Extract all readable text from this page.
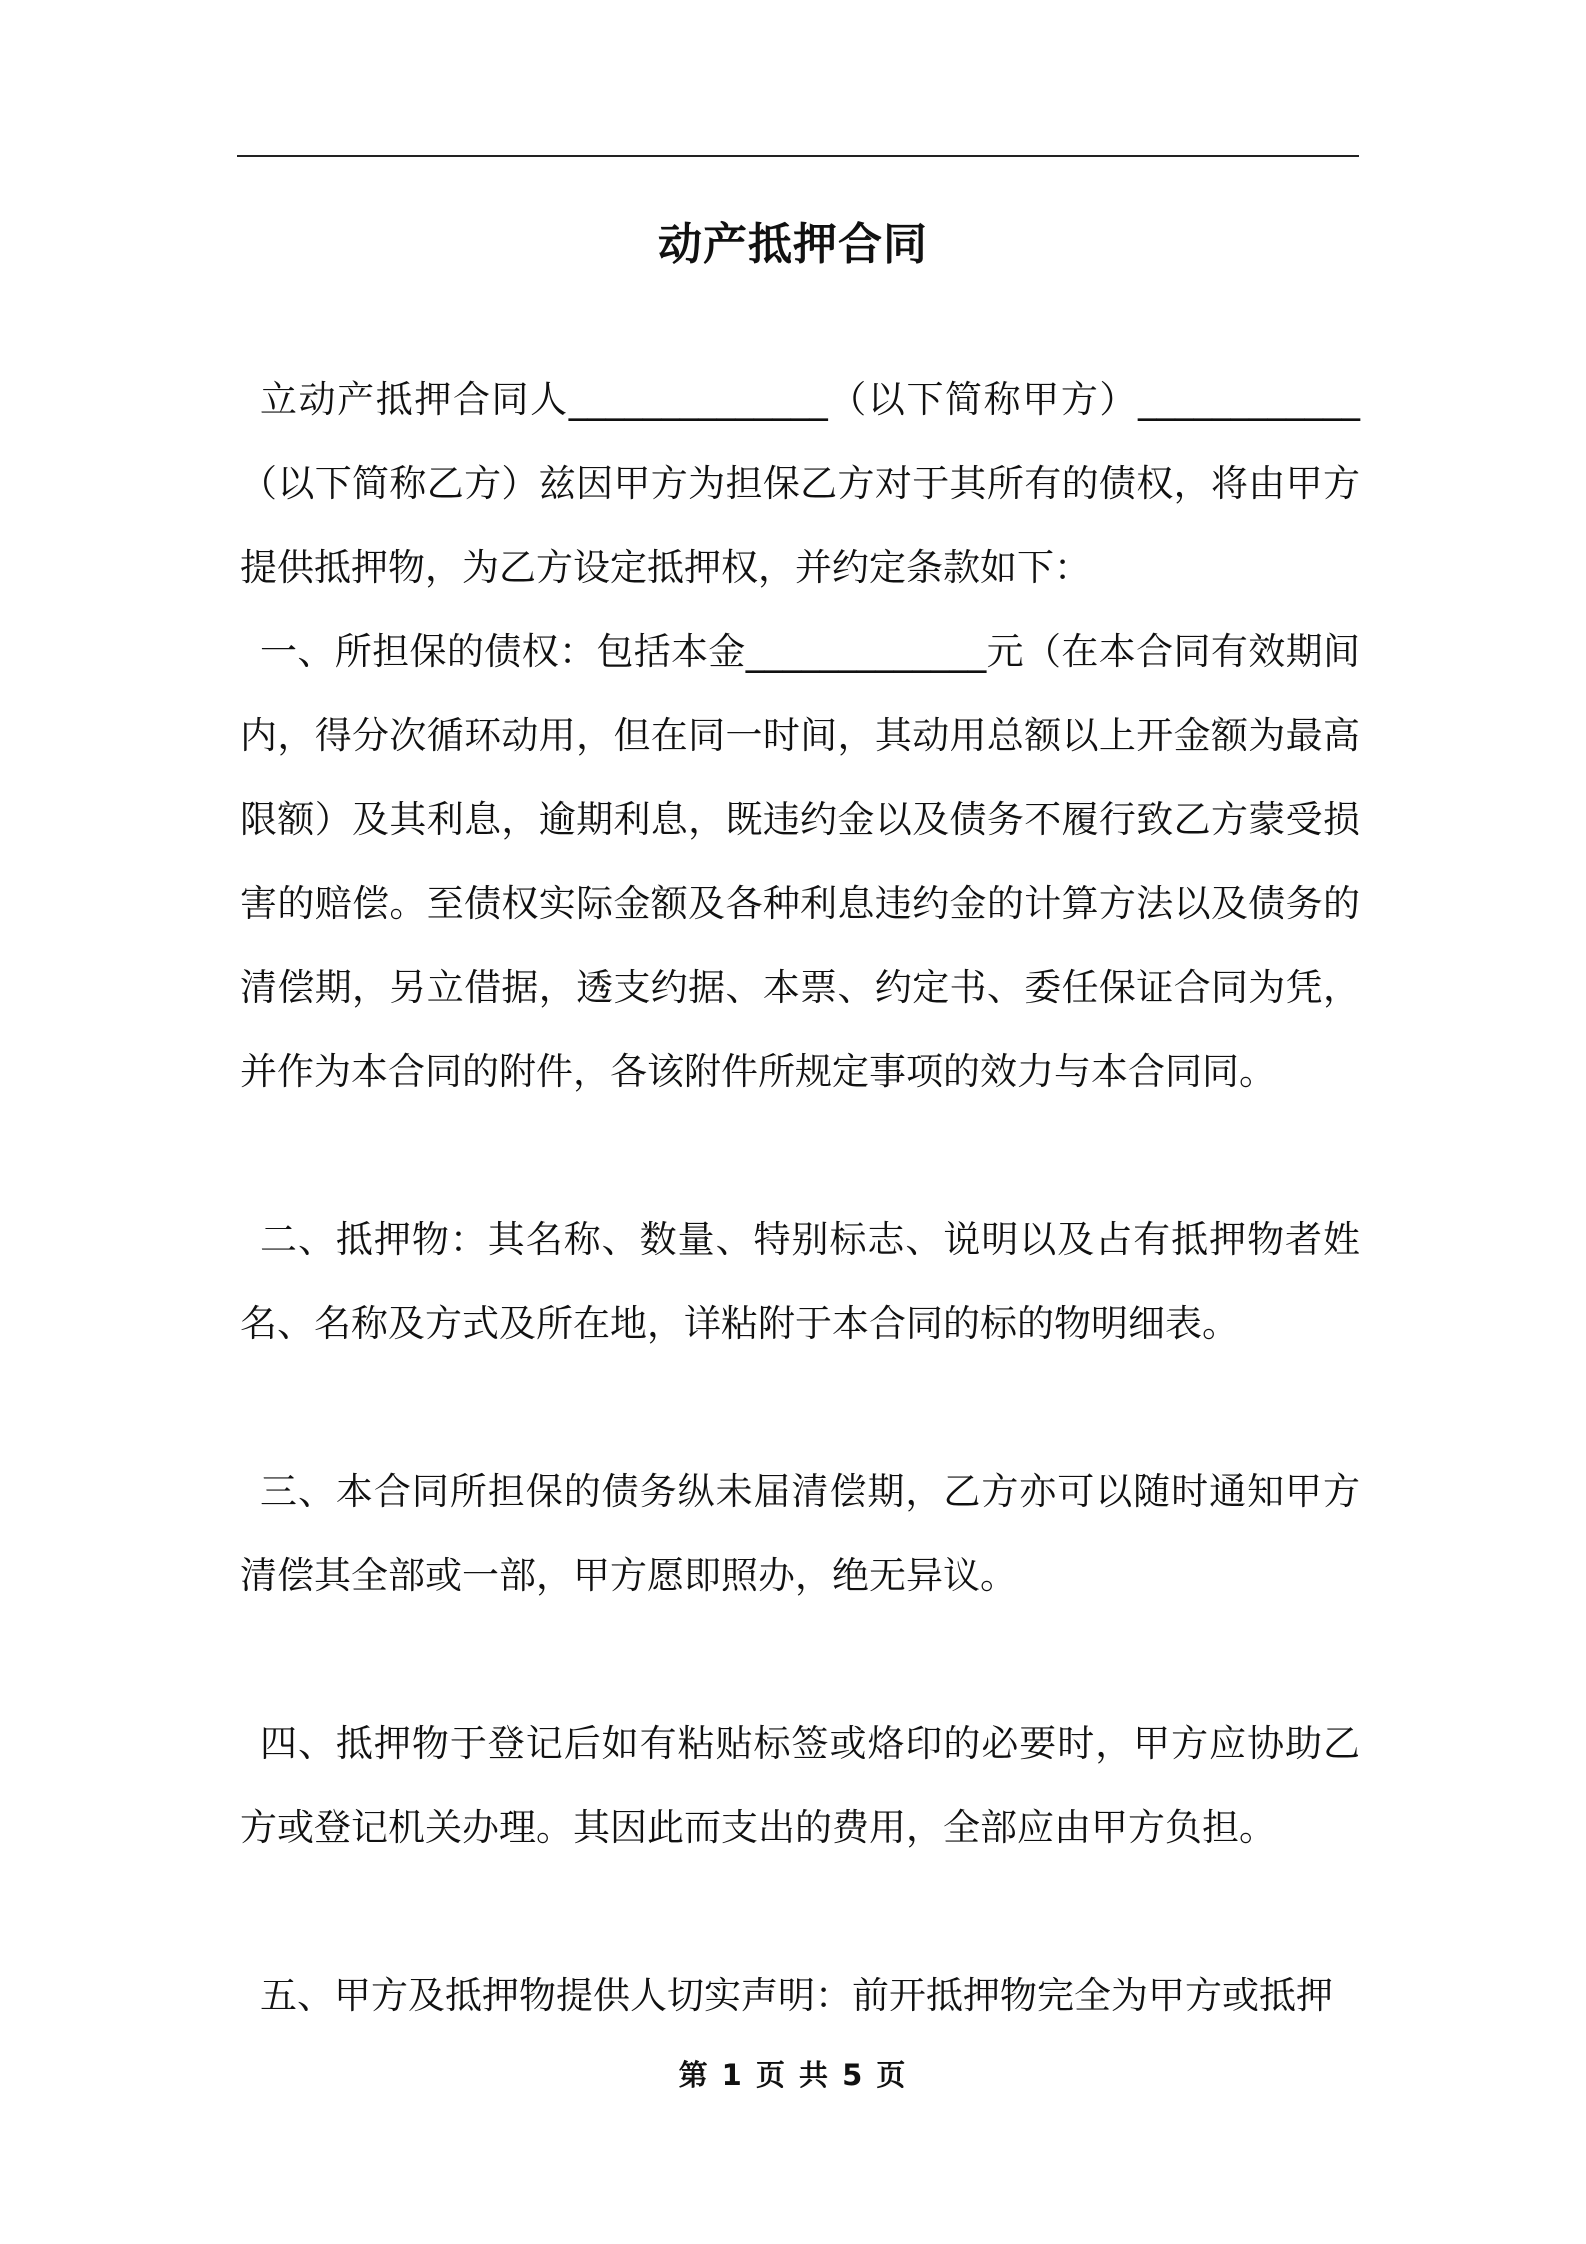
动产抵押合同

立动产抵押合同人______________（以下简称甲方）____________（以下简称乙方）兹因甲方为担保乙方对于其所有的债权，将由甲方提供抵押物，为乙方设定抵押权，并约定条款如下：

一、所担保的债权：包括本金_____________元（在本合同有效期间内，得分次循环动用，但在同一时间，其动用总额以上开金额为最高限额）及其利息，逾期利息，既违约金以及债务不履行致乙方蒙受损害的赔偿。至债权实际金额及各种利息违约金的计算方法以及债务的清偿期，另立借据，透支约据、本票、约定书、委任保证合同为凭，并作为本合同的附件，各该附件所规定事项的效力与本合同同。

二、抵押物：其名称、数量、特别标志、说明以及占有抵押物者姓名、名称及方式及所在地，详粘附于本合同的标的物明细表。

三、本合同所担保的债务纵未届清偿期，乙方亦可以随时通知甲方清偿其全部或一部，甲方愿即照办，绝无异议。

四、抵押物于登记后如有粘贴标签或烙印的必要时，甲方应协助乙方或登记机关办理。其因此而支出的费用，全部应由甲方负担。

五、甲方及抵押物提供人切实声明：前开抵押物完全为甲方或抵押

第 1 页 共 5 页
